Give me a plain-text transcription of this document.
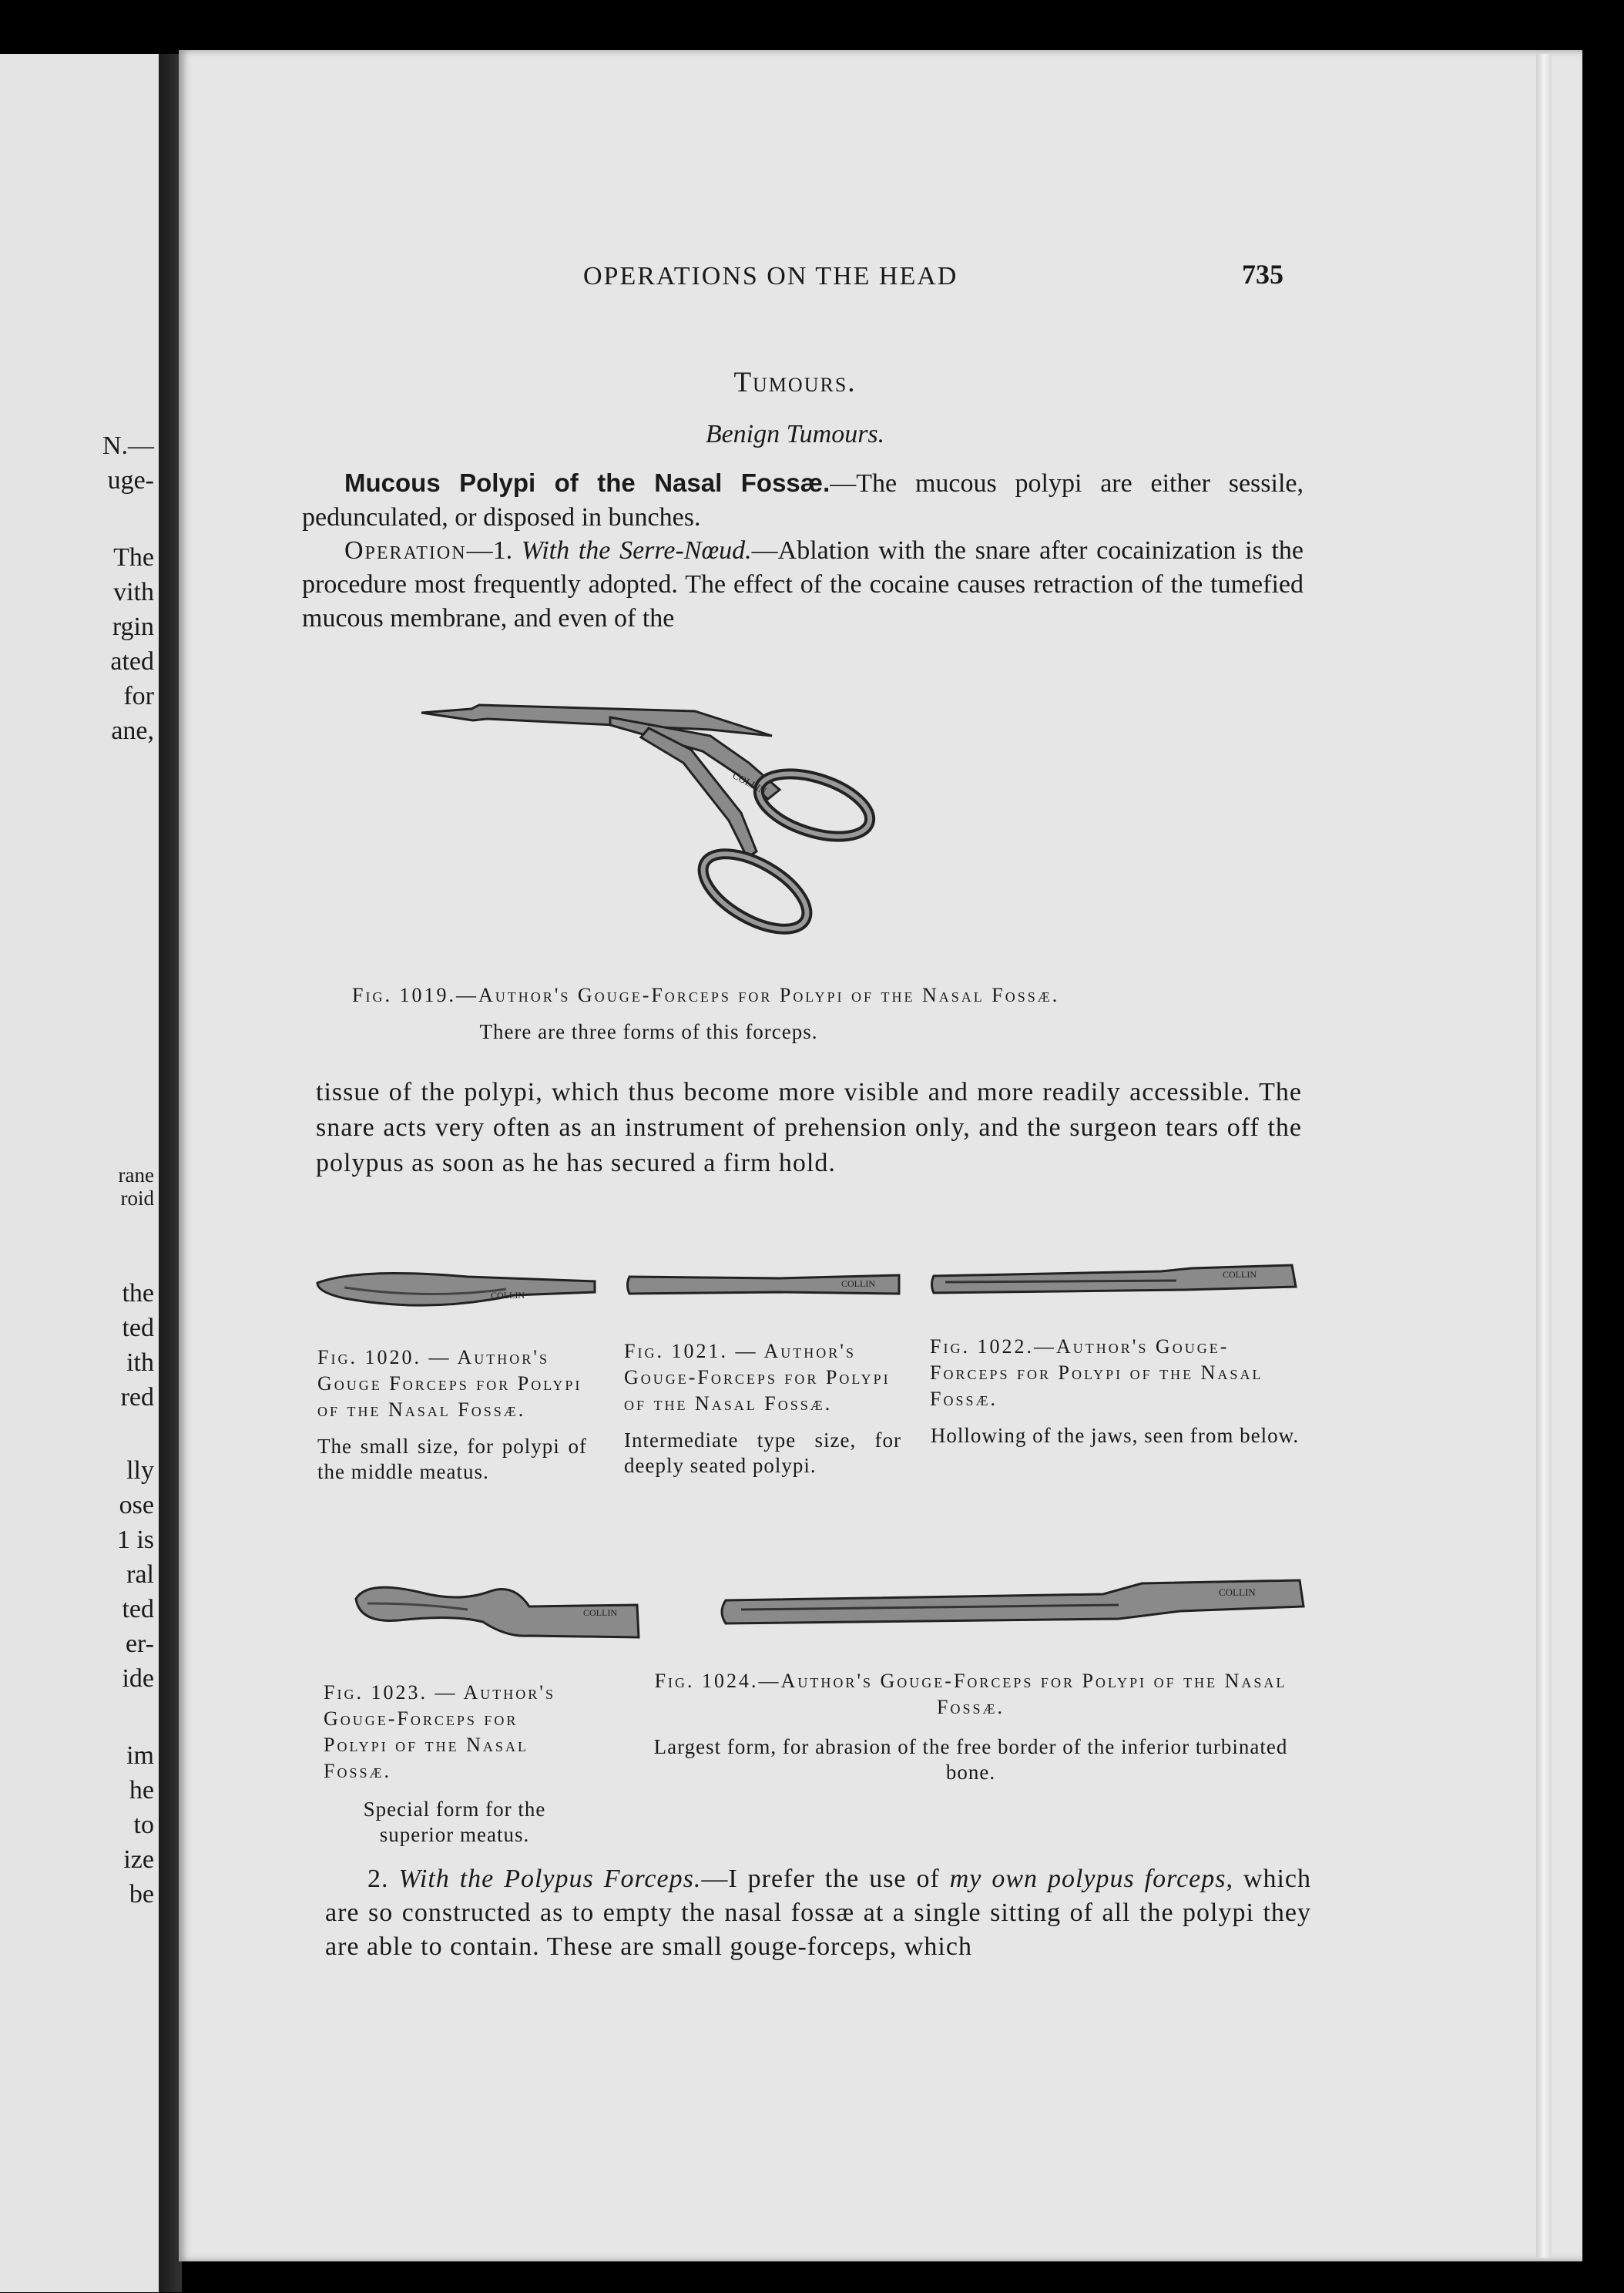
N.—
uge-
The
vith
rgin
ated
for
ane,
rane
roid
the
ted
ith
red
lly
ose
1 is
ral
ted
er-
ide
im
he
to
ize
be
OPERATIONS ON THE HEAD	735
Tumours.
Benign Tumours.
Mucous Polypi of the Nasal Fossæ.—The mucous polypi are either sessile, pedunculated, or disposed in bunches.
Operation—1. With the Serre-Nœud.—Ablation with the snare after cocainization is the procedure most frequently adopted. The effect of the cocaine causes retraction of the tumefied mucous membrane, and even of the
COLLIN
Fig. 1019.—Author's Gouge-Forceps for Polypi of the Nasal Fossæ.
There are three forms of this forceps.
tissue of the polypi, which thus become more visible and more readily accessible. The snare acts very often as an instrument of prehension only, and the surgeon tears off the polypus as soon as he has secured a firm hold.
COLLIN
COLLIN
COLLIN
Fig. 1020. — Author's Gouge Forceps for Polypi of the Nasal Fossæ.
The small size, for polypi of the middle meatus.
Fig. 1021. — Author's Gouge-Forceps for Polypi of the Nasal Fossæ.
Intermediate type size, for deeply seated polypi.
Fig. 1022.—Author's Gouge-Forceps for Polypi of the Nasal Fossæ.
Hollowing of the jaws, seen from below.
COLLIN
COLLIN
Fig. 1023. — Author's Gouge-Forceps for Polypi of the Nasal Fossæ.
Special form for the superior meatus.
Fig. 1024.—Author's Gouge-Forceps for Polypi of the Nasal Fossæ.
Largest form, for abrasion of the free border of the inferior turbinated bone.
2. With the Polypus Forceps.—I prefer the use of my own polypus forceps, which are so constructed as to empty the nasal fossæ at a single sitting of all the polypi they are able to contain. These are small gouge-forceps, which
